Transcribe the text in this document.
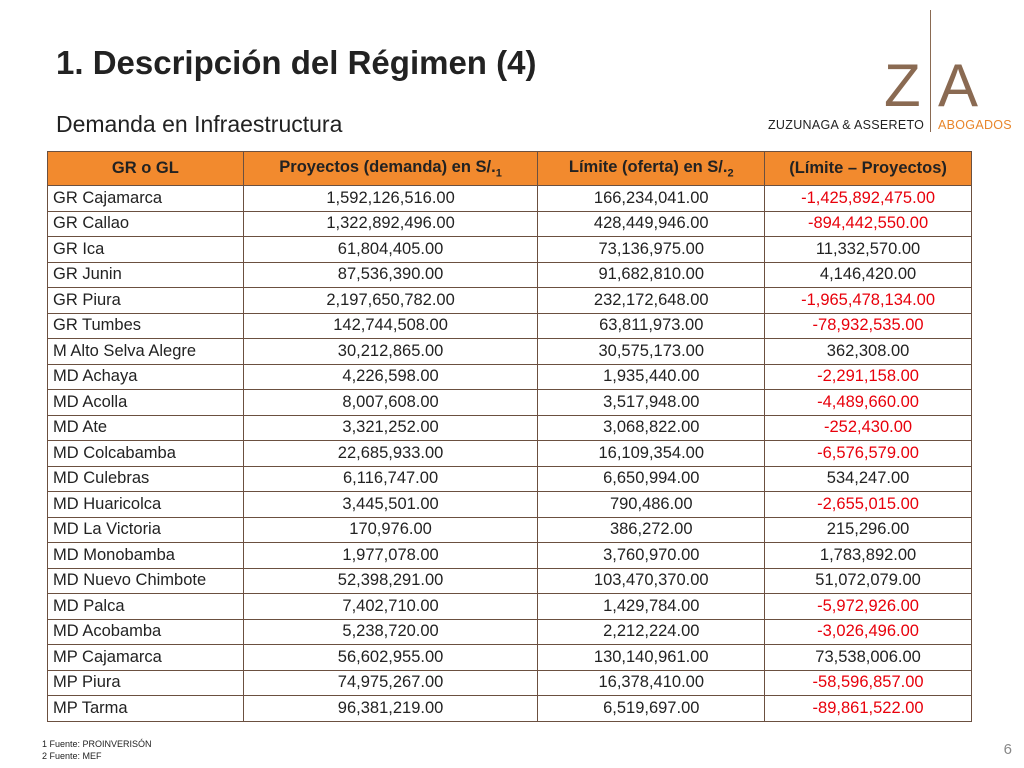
1. Descripción del Régimen (4)
Demanda en Infraestructura
Z A
ZUZUNAGA & ASSERETO ABOGADOS
GR o GL	Proyectos (demanda) en $S/._1$	Límite (oferta) en $S/._2$	(Límite – Proyectos)
GR Cajamarca	1,592,126,516.00	166,234,041.00	-1,425,892,475.00
GR Callao	1,322,892,496.00	428,449,946.00	-894,442,550.00
GR Ica	61,804,405.00	73,136,975.00	11,332,570.00
GR Junin	87,536,390.00	91,682,810.00	4,146,420.00
GR Piura	2,197,650,782.00	232,172,648.00	-1,965,478,134.00
GR Tumbes	142,744,508.00	63,811,973.00	-78,932,535.00
M Alto Selva Alegre	30,212,865.00	30,575,173.00	362,308.00
MD Achaya	4,226,598.00	1,935,440.00	-2,291,158.00
MD Acolla	8,007,608.00	3,517,948.00	-4,489,660.00
MD Ate	3,321,252.00	3,068,822.00	-252,430.00
MD Colcabamba	22,685,933.00	16,109,354.00	-6,576,579.00
MD Culebras	6,116,747.00	6,650,994.00	534,247.00
MD Huaricolca	3,445,501.00	790,486.00	-2,655,015.00
MD La Victoria	170,976.00	386,272.00	215,296.00
MD Monobamba	1,977,078.00	3,760,970.00	1,783,892.00
MD Nuevo Chimbote	52,398,291.00	103,470,370.00	51,072,079.00
MD Palca	7,402,710.00	1,429,784.00	-5,972,926.00
MD Acobamba	5,238,720.00	2,212,224.00	-3,026,496.00
MP Cajamarca	56,602,955.00	130,140,961.00	73,538,006.00
MP Piura	74,975,267.00	16,378,410.00	-58,596,857.00
MP Tarma	96,381,219.00	6,519,697.00	-89,861,522.00
1 Fuente: PROINVERISÓN
2 Fuente: MEF	6
